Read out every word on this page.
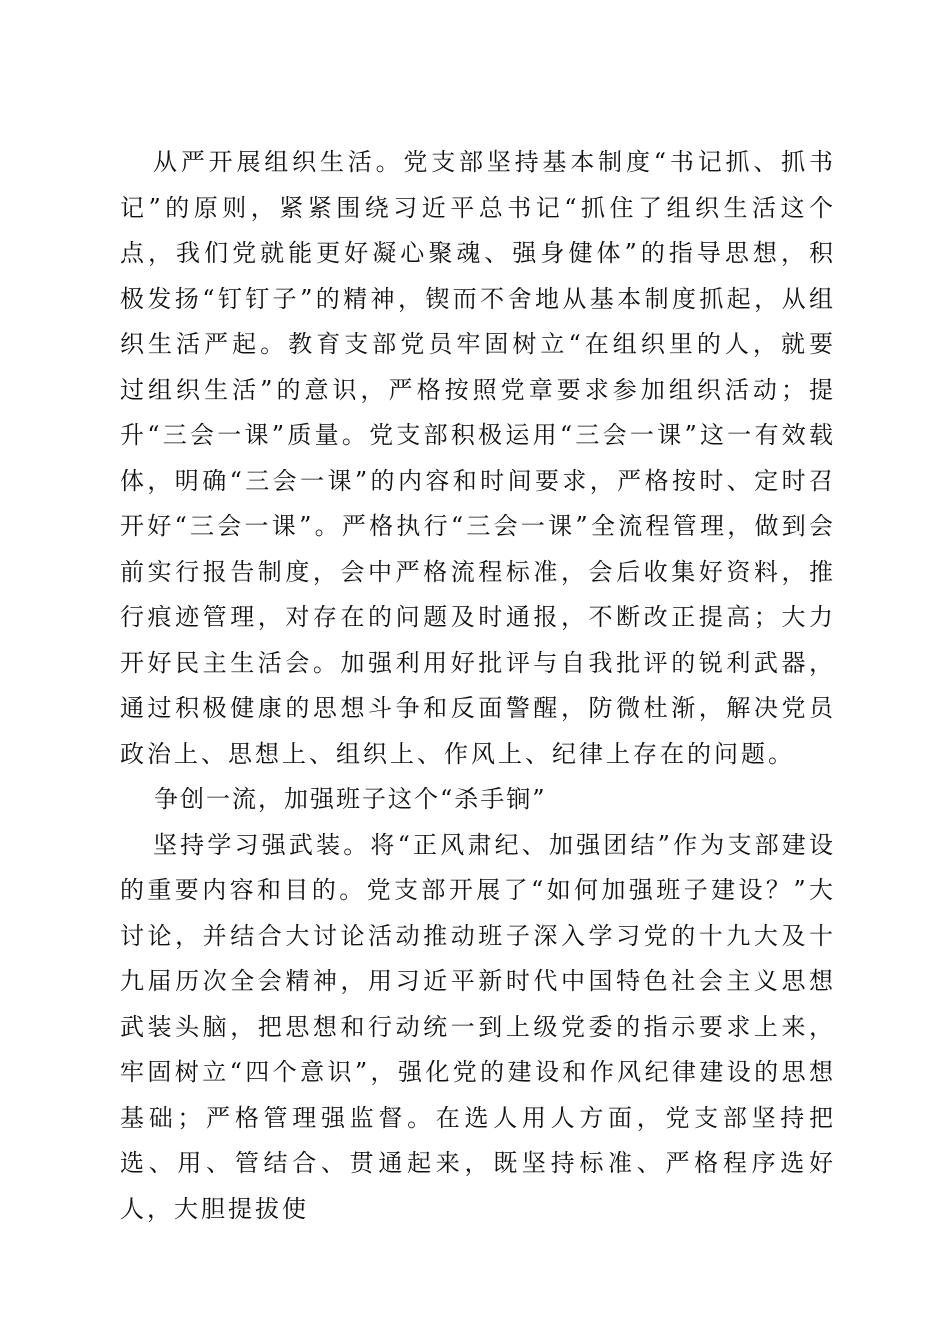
从严开展组织生活。党支部坚持基本制度“书记抓、抓书记”的原则，紧紧围绕习近平总书记“抓住了组织生活这个点，我们党就能更好凝心聚魂、强身健体”的指导思想，积极发扬“钉钉子”的精神，锲而不舍地从基本制度抓起，从组织生活严起。教育支部党员牢固树立“在组织里的人，就要过组织生活”的意识，严格按照党章要求参加组织活动；提升“三会一课”质量。党支部积极运用“三会一课”这一有效载体，明确“三会一课”的内容和时间要求，严格按时、定时召开好“三会一课”。严格执行“三会一课”全流程管理，做到会前实行报告制度，会中严格流程标准，会后收集好资料，推行痕迹管理，对存在的问题及时通报，不断改正提高；大力开好民主生活会。加强利用好批评与自我批评的锐利武器，通过积极健康的思想斗争和反面警醒，防微杜渐，解决党员政治上、思想上、组织上、作风上、纪律上存在的问题。

争创一流，加强班子这个“杀手锏”

坚持学习强武装。将“正风肃纪、加强团结”作为支部建设的重要内容和目的。党支部开展了“如何加强班子建设？”大讨论，并结合大讨论活动推动班子深入学习党的十九大及十九届历次全会精神，用习近平新时代中国特色社会主义思想武装头脑，把思想和行动统一到上级党委的指示要求上来，牢固树立“四个意识”，强化党的建设和作风纪律建设的思想基础；严格管理强监督。在选人用人方面，党支部坚持把选、用、管结合、贯通起来，既坚持标准、严格程序选好人，大胆提拔使
